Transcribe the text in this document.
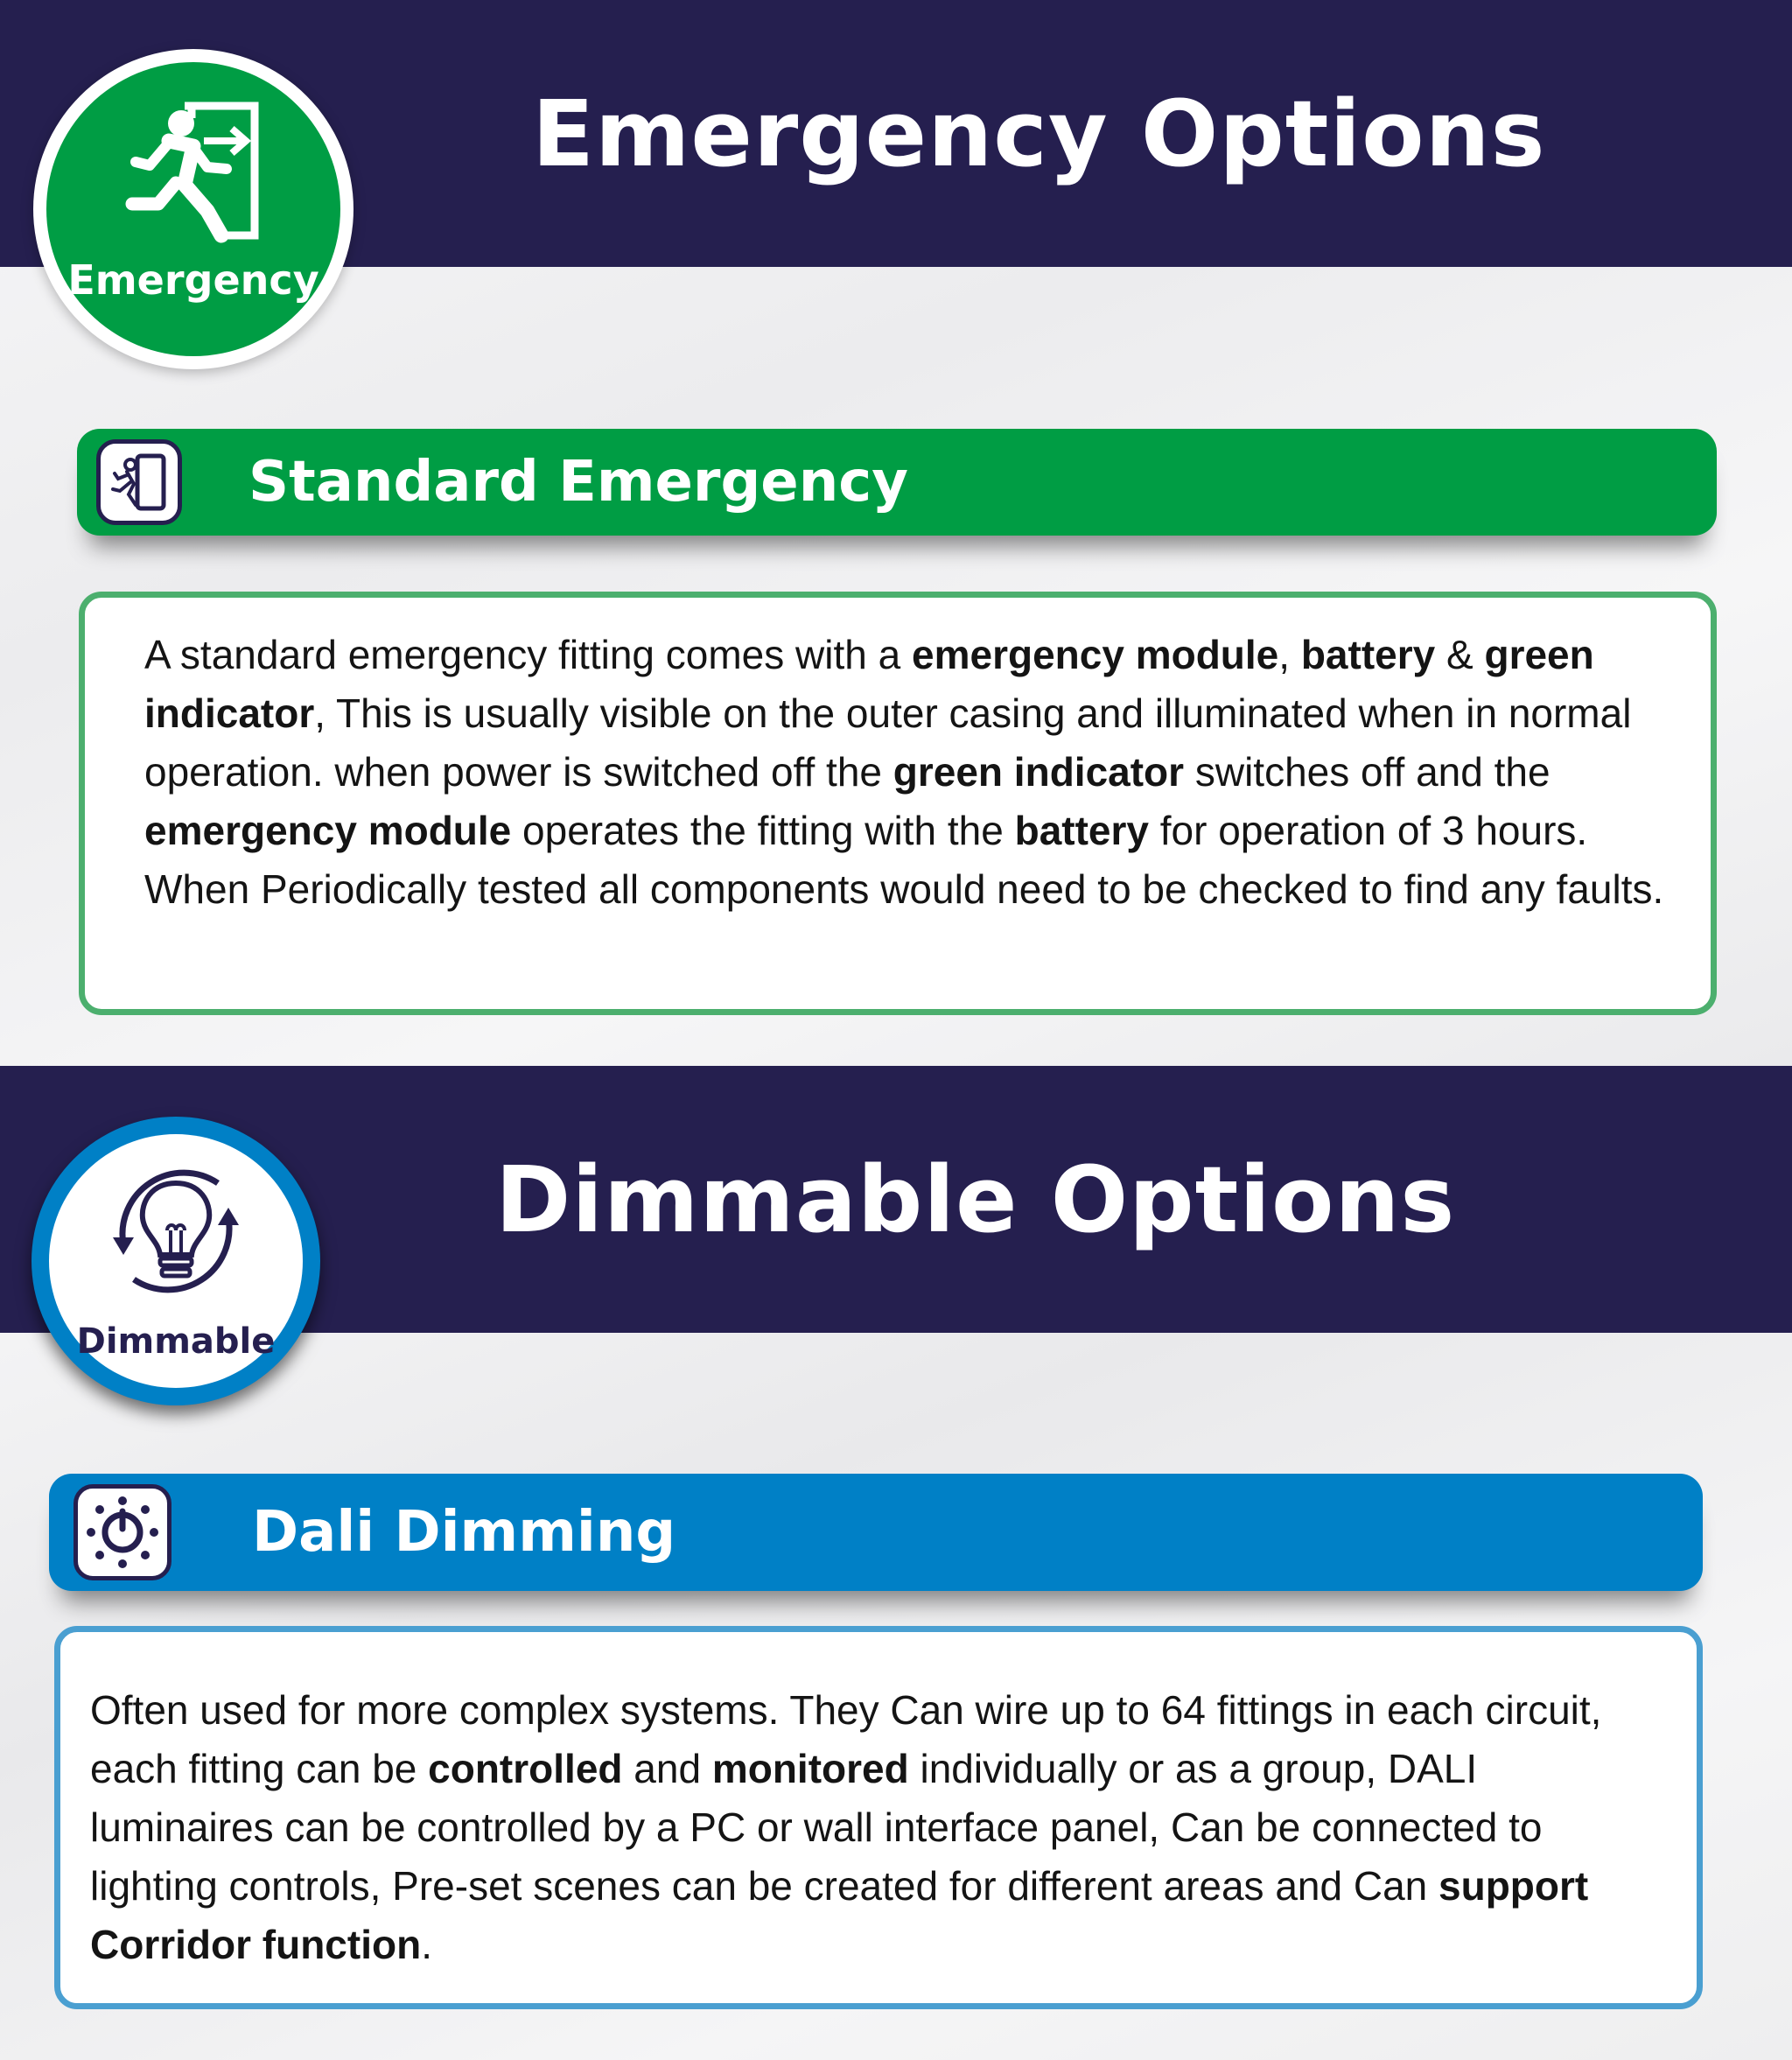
Emergency Options
Emergency
Standard Emergency
A standard emergency fitting comes with a emergency module, battery & green indicator, This is usually visible on the outer casing and illuminated when in normal operation. when power is switched off the green indicator switches off and the emergency module operates the fitting with the battery for operation of 3 hours. When Periodically tested all components would need to be checked to find any faults.
Dimmable Options
Dimmable
Dali Dimming
Often used for more complex systems. They Can wire up to 64 fittings in each circuit, each fitting can be controlled and monitored individually or as a group, DALI luminaires can be controlled by a PC or wall interface panel, Can be connected to lighting controls, Pre-set scenes can be created for different areas and Can support Corridor function.
